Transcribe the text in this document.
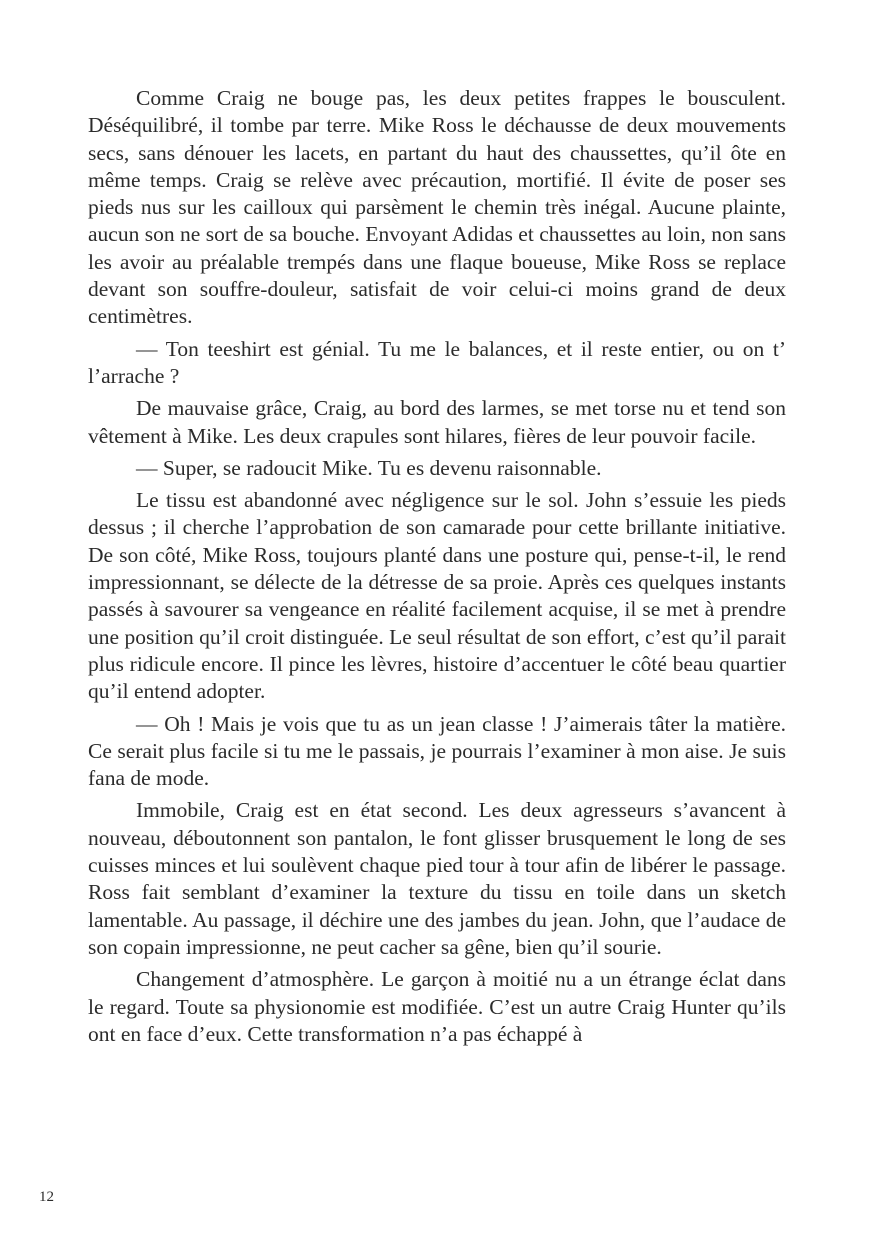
Comme Craig ne bouge pas, les deux petites frappes le bousculent. Déséquilibré, il tombe par terre. Mike Ross le déchausse de deux mouvements secs, sans dénouer les lacets, en partant du haut des chaussettes, qu’il ôte en même temps. Craig se relève avec précaution, mortifié. Il évite de poser ses pieds nus sur les cailloux qui parsèment le chemin très inégal. Aucune plainte, aucun son ne sort de sa bouche. Envoyant Adidas et chaussettes au loin, non sans les avoir au préalable trempés dans une flaque boueuse, Mike Ross se replace devant son souffre-douleur, satisfait de voir celui-ci moins grand de deux centimètres.

— Ton teeshirt est génial. Tu me le balances, et il reste entier, ou on t’ l’arrache ?

De mauvaise grâce, Craig, au bord des larmes, se met torse nu et tend son vêtement à Mike. Les deux crapules sont hilares, fières de leur pouvoir facile.

— Super, se radoucit Mike. Tu es devenu raisonnable.

Le tissu est abandonné avec négligence sur le sol. John s’essuie les pieds dessus ; il cherche l’approbation de son camarade pour cette brillante initiative. De son côté, Mike Ross, toujours planté dans une posture qui, pense-t-il, le rend impressionnant, se délecte de la détresse de sa proie. Après ces quelques instants passés à savourer sa vengeance en réalité facilement acquise, il se met à prendre une position qu’il croit distinguée. Le seul résultat de son effort, c’est qu’il parait plus ridicule encore. Il pince les lèvres, histoire d’accentuer le côté beau quartier qu’il entend adopter.

— Oh ! Mais je vois que tu as un jean classe ! J’aimerais tâter la matière. Ce serait plus facile si tu me le passais, je pourrais l’examiner à mon aise. Je suis fana de mode.

Immobile, Craig est en état second. Les deux agresseurs s’avancent à nouveau, déboutonnent son pantalon, le font glisser brusquement le long de ses cuisses minces et lui soulèvent chaque pied tour à tour afin de libérer le passage. Ross fait semblant d’examiner la texture du tissu en toile dans un sketch lamentable. Au passage, il déchire une des jambes du jean. John, que l’audace de son copain impressionne, ne peut cacher sa gêne, bien qu’il sourie.

Changement d’atmosphère. Le garçon à moitié nu a un étrange éclat dans le regard. Toute sa physionomie est modifiée. C’est un autre Craig Hunter qu’ils ont en face d’eux. Cette transformation n’a pas échappé à

12
